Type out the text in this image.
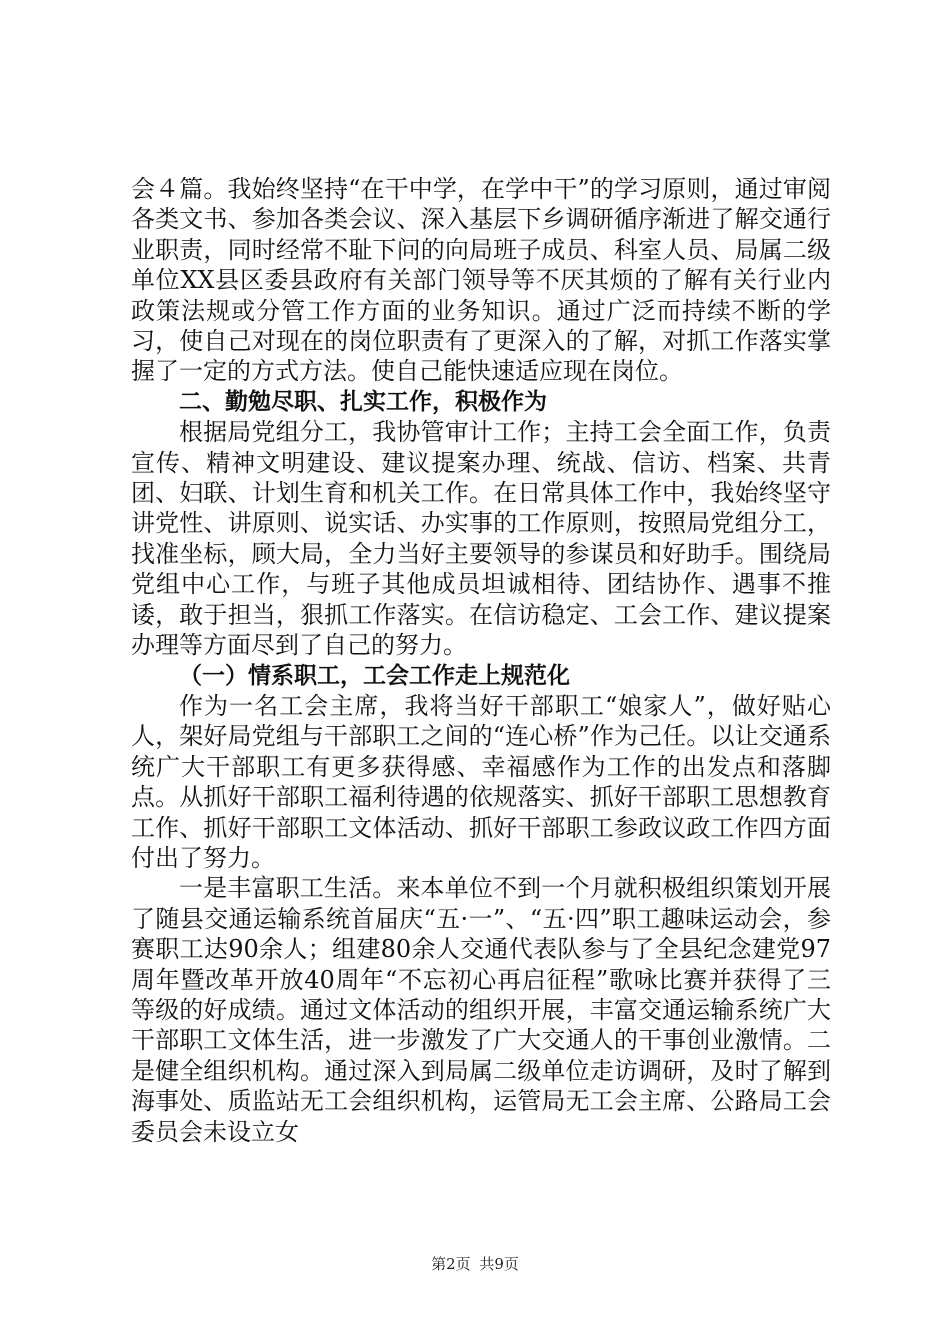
会４篇。我始终坚持“在干中学，在学中干”的学习原则，通过审阅各类文书、参加各类会议、深入基层下乡调研循序渐进了解交通行业职责，同时经常不耻下问的向局班子成员、科室人员、局属二级单位XX县区委县政府有关部门领导等不厌其烦的了解有关行业内政策法规或分管工作方面的业务知识。通过广泛而持续不断的学习，使自己对现在的岗位职责有了更深入的了解，对抓工作落实掌握了一定的方式方法。使自己能快速适应现在岗位。

二、勤勉尽职、扎实工作，积极作为

根据局党组分工，我协管审计工作；主持工会全面工作，负责宣传、精神文明建设、建议提案办理、统战、信访、档案、共青团、妇联、计划生育和机关工作。在日常具体工作中，我始终坚守讲党性、讲原则、说实话、办实事的工作原则，按照局党组分工，找准坐标，顾大局，全力当好主要领导的参谋员和好助手。围绕局党组中心工作，与班子其他成员坦诚相待、团结协作、遇事不推诿，敢于担当，狠抓工作落实。在信访稳定、工会工作、建议提案办理等方面尽到了自己的努力。

（一）情系职工，工会工作走上规范化

作为一名工会主席，我将当好干部职工“娘家人”，做好贴心人，架好局党组与干部职工之间的“连心桥”作为己任。以让交通系统广大干部职工有更多获得感、幸福感作为工作的出发点和落脚点。从抓好干部职工福利待遇的依规落实、抓好干部职工思想教育工作、抓好干部职工文体活动、抓好干部职工参政议政工作四方面付出了努力。

一是丰富职工生活。来本单位不到一个月就积极组织策划开展了随县交通运输系统首届庆“五·一”、“五·四”职工趣味运动会，参赛职工达90余人；组建80余人交通代表队参与了全县纪念建党97周年暨改革开放40周年“不忘初心再启征程”歌咏比赛并获得了三等级的好成绩。通过文体活动的组织开展，丰富交通运输系统广大干部职工文体生活，进一步激发了广大交通人的干事创业激情。二是健全组织机构。通过深入到局属二级单位走访调研，及时了解到海事处、质监站无工会组织机构，运管局无工会主席、公路局工会委员会未设立女

第2页 共9页
